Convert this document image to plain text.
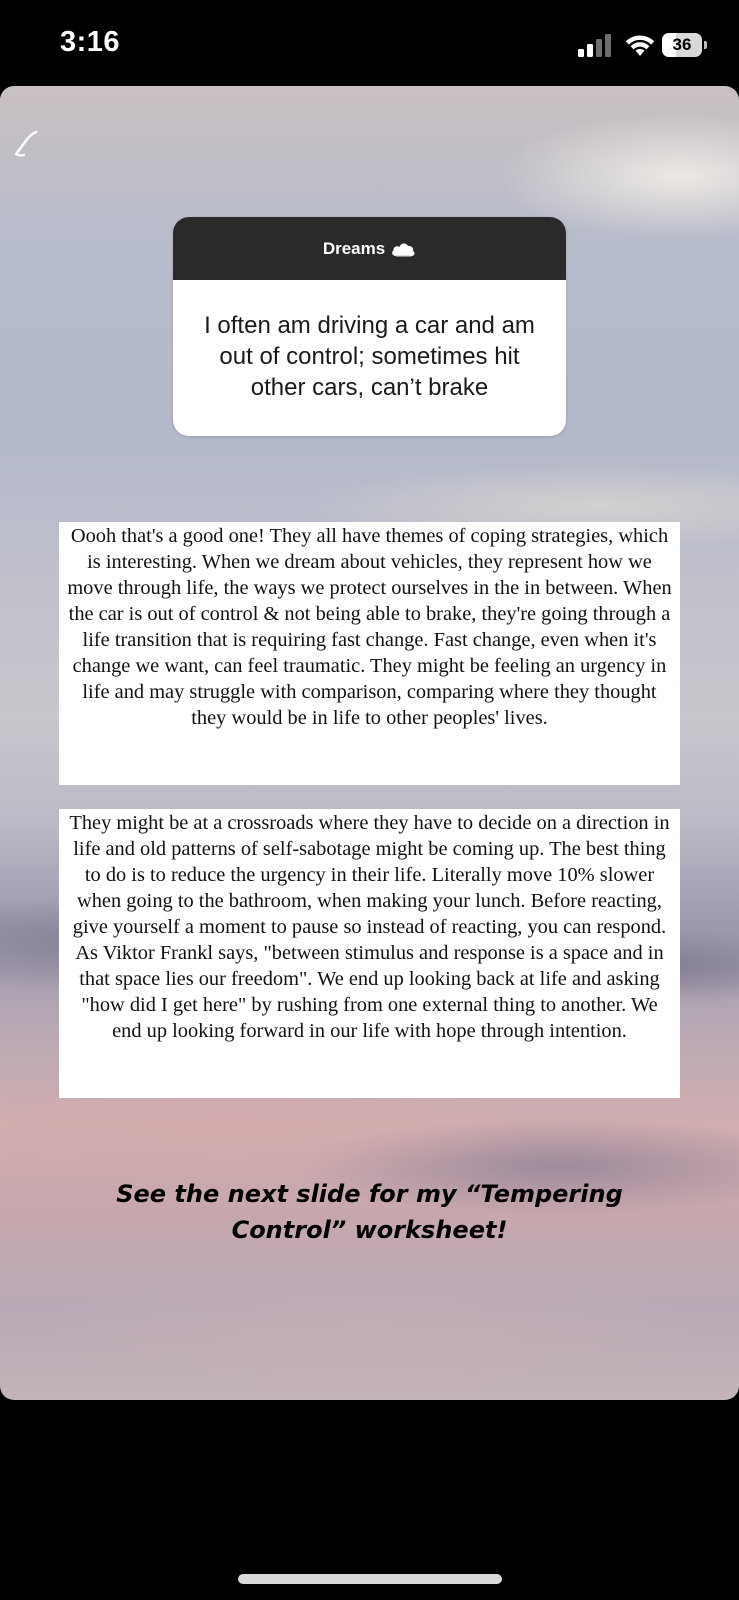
3:16	36
Dreams
I often am driving a car and am out of control; sometimes hit other cars, can’t brake
Oooh that's a good one! They all have themes of coping strategies, which is interesting. When we dream about vehicles, they represent how we move through life, the ways we protect ourselves in the in between. When the car is out of control & not being able to brake, they're going through a life transition that is requiring fast change. Fast change, even when it's change we want, can feel traumatic. They might be feeling an urgency in life and may struggle with comparison, comparing where they thought they would be in life to other peoples' lives.
They might be at a crossroads where they have to decide on a direction in life and old patterns of self-sabotage might be coming up. The best thing to do is to reduce the urgency in their life. Literally move 10% slower when going to the bathroom, when making your lunch. Before reacting, give yourself a moment to pause so instead of reacting, you can respond. As Viktor Frankl says, "between stimulus and response is a space and in that space lies our freedom". We end up looking back at life and asking "how did I get here" by rushing from one external thing to another. We end up looking forward in our life with hope through intention.
See the next slide for my “Tempering Control” worksheet!
